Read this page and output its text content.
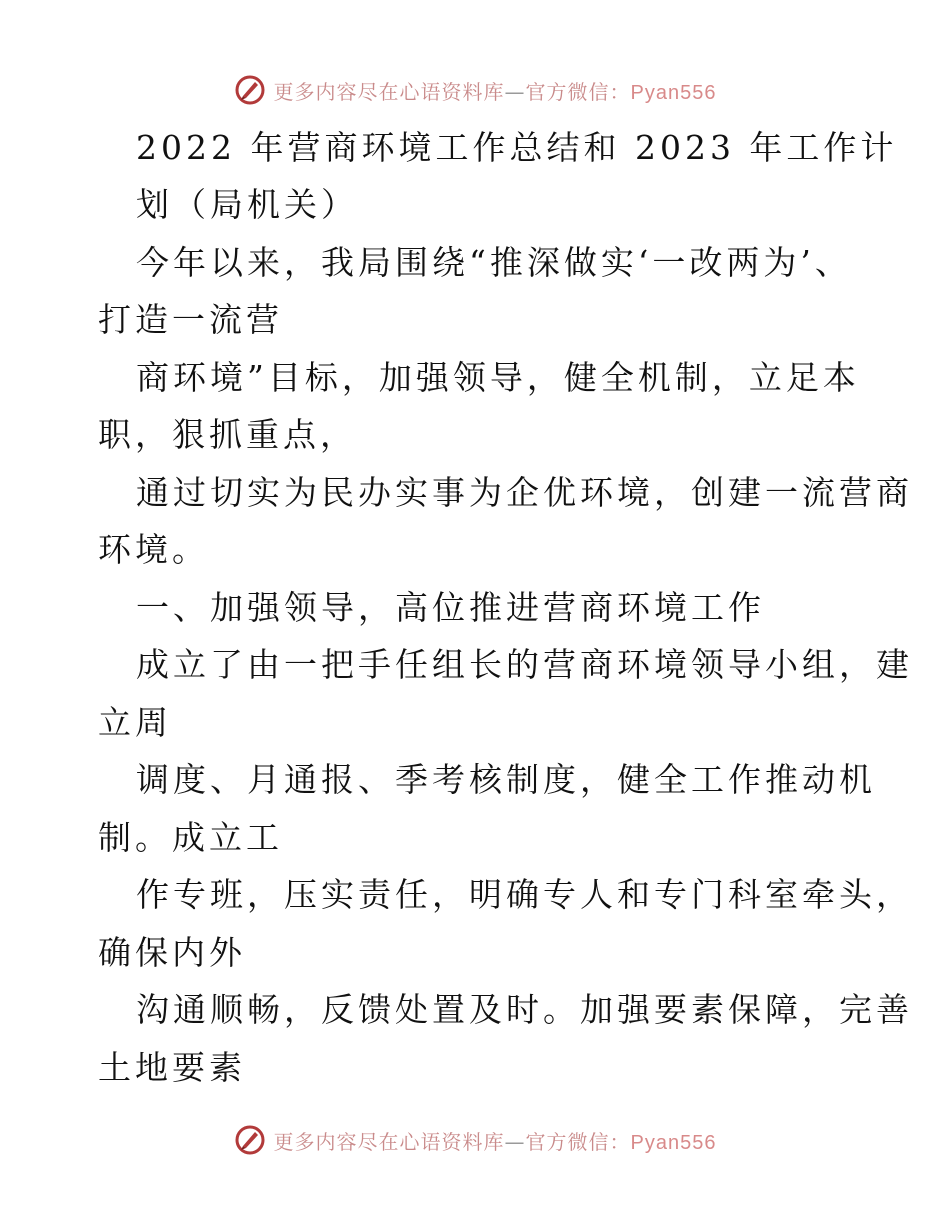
更多内容尽在心语资料库—官方微信：Pyan556
2022 年营商环境工作总结和 2023 年工作计
划（局机关）
今年以来，我局围绕“推深做实‘一改两为’、
打造一流营
商环境”目标，加强领导，健全机制，立足本
职，狠抓重点，
通过切实为民办实事为企优环境，创建一流营商
环境。
一、加强领导，高位推进营商环境工作
成立了由一把手任组长的营商环境领导小组，建
立周
调度、月通报、季考核制度，健全工作推动机
制。成立工
作专班，压实责任，明确专人和专门科室牵头，
确保内外
沟通顺畅，反馈处置及时。加强要素保障，完善
土地要素
更多内容尽在心语资料库—官方微信：Pyan556
